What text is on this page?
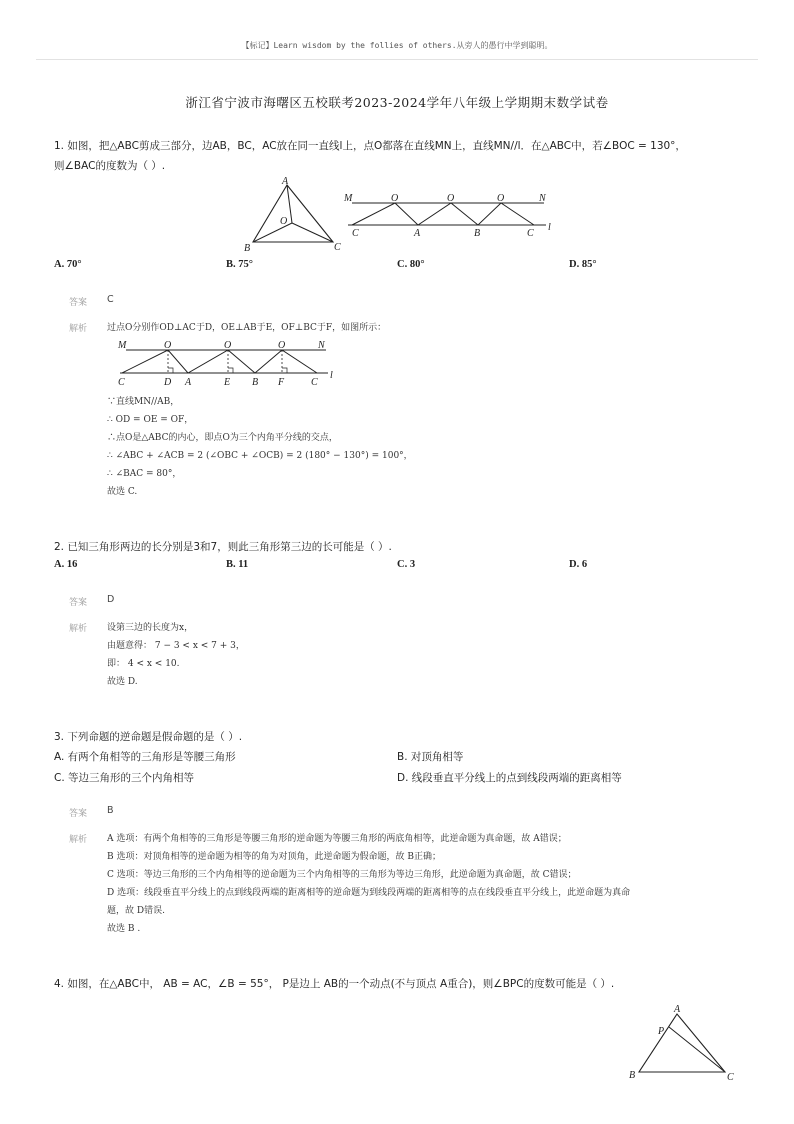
【标记】Learn wisdom by the follies of others.从旁人的愚行中学到聪明。
浙江省宁波市海曙区五校联考2023-2024学年八年级上学期期末数学试卷
1. 如图，把△ABC剪成三部分，边AB，BC，AC放在同一直线l上，点O都落在直线MN上，直线MN//l．在△ABC中，若∠BOC = 130°，
则∠BAC的度数为（ ）.
A
O
B	C
M	O	O	O	N
C	A	B	C
l
A. 70°	B. 75°	C. 80°	D. 85°
答案 C
解析 过点O分别作OD⊥AC于D，OE⊥AB于E，OF⊥BC于F，如图所示：
M	O	O	O	N
C	D A	E B F	C
l
∵直线MN//AB，
∴ OD = OE = OF，
∴点O是△ABC的内心，即点O为三个内角平分线的交点，
∴ ∠ABC + ∠ACB = 2 (∠OBC + ∠OCB) = 2 (180° − 130°) = 100°，
∴ ∠BAC = 80°，
故选 C.
2. 已知三角形两边的长分别是3和7，则此三角形第三边的长可能是（ ）.
A. 16	B. 11	C. 3	D. 6
答案 D
解析 设第三边的长度为x，
由题意得： 7 − 3 < x < 7 + 3，
即： 4 < x < 10.
故选 D.
3. 下列命题的逆命题是假命题的是（ ）.
A. 有两个角相等的三角形是等腰三角形	B. 对顶角相等
C. 等边三角形的三个内角相等	D. 线段垂直平分线上的点到线段两端的距离相等
答案 B
解析 A 选项：有两个角相等的三角形是等腰三角形的逆命题为等腰三角形的两底角相等，此逆命题为真命题，故 A错误；
B 选项：对顶角相等的逆命题为相等的角为对顶角，此逆命题为假命题，故 B正确；
C 选项：等边三角形的三个内角相等的逆命题为三个内角相等的三角形为等边三角形，此逆命题为真命题，故 C错误；
D 选项：线段垂直平分线上的点到线段两端的距离相等的逆命题为到线段两端的距离相等的点在线段垂直平分线上，此逆命题为真命
题，故 D错误.
故选 B .
4. 如图，在△ABC中， AB = AC，∠B = 55°， P是边上 AB的一个动点(不与顶点 A重合)，则∠BPC的度数可能是（ ）.
A
P
B	C
